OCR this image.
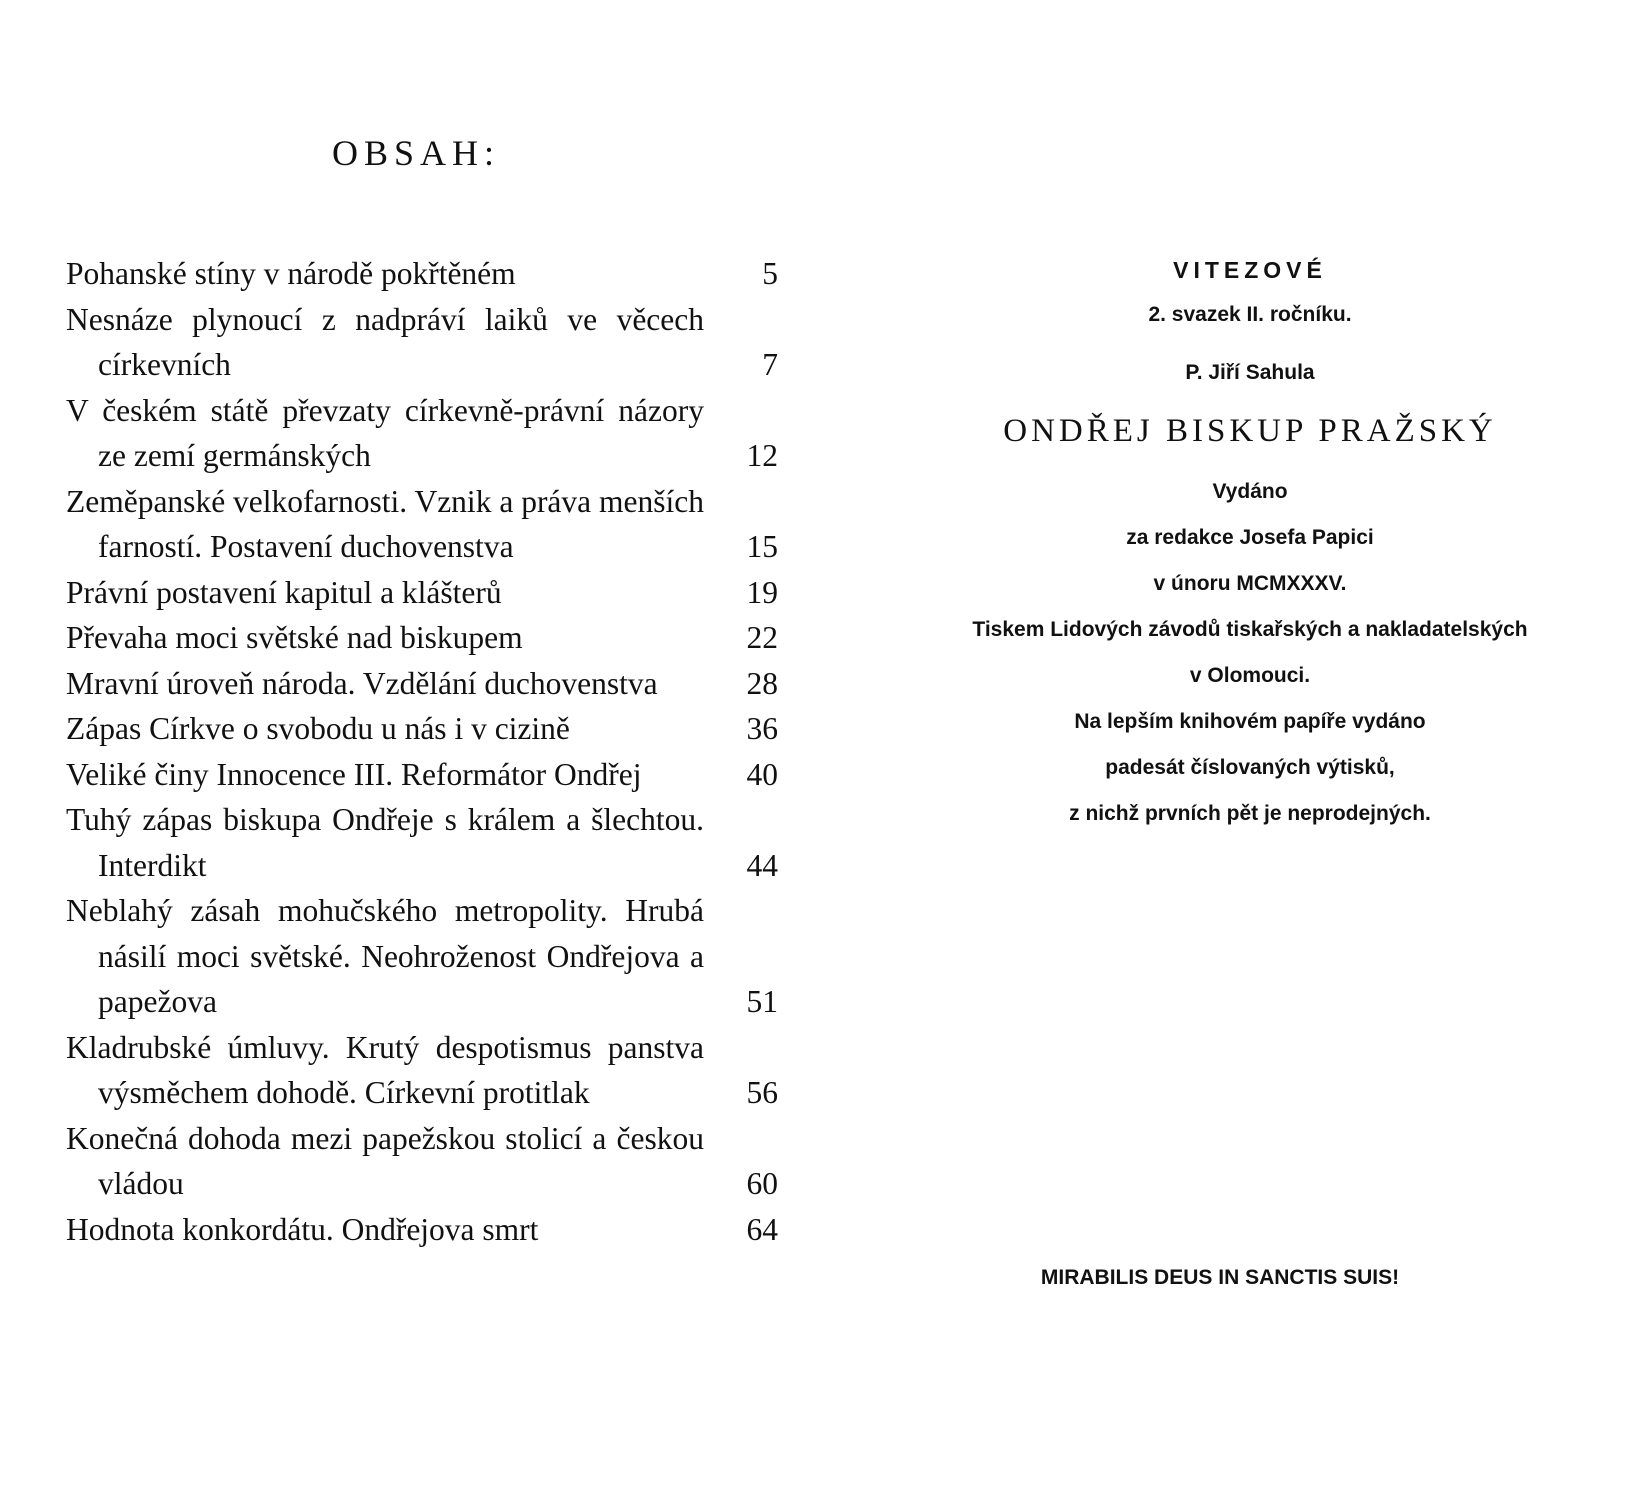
OBSAH:
Pohanské stíny v národě pokřtěném	5
Nesnáze plynoucí z nadpráví laiků ve věcech církevních	7
V českém státě převzaty církevně-právní názory ze zemí germánských	12
Zeměpanské velkofarnosti. Vznik a práva menších farností. Postavení duchovenstva	15
Právní postavení kapitul a klášterů	19
Převaha moci světské nad biskupem	22
Mravní úroveň národa. Vzdělání duchovenstva	28
Zápas Církve o svobodu u nás i v cizině	36
Veliké činy Innocence III. Reformátor Ondřej	40
Tuhý zápas biskupa Ondřeje s králem a šlechtou. Interdikt	44
Neblahý zásah mohučského metropolity. Hrubá násilí moci světské. Neohroženost Ondřejova a papežova	51
Kladrubské úmluvy. Krutý despotismus panstva výsměchem dohodě. Církevní protitlak	56
Konečná dohoda mezi papežskou stolicí a českou vládou	60
Hodnota konkordátu. Ondřejova smrt	64

VITEZOVÉ

2. svazek II. ročníku.

P. Jiří Sahula

ONDŘEJ BISKUP PRAŽSKÝ

Vydáno

za redakce Josefa Papici

v únoru MCMXXXV.

Tiskem Lidových závodů tiskařských a nakladatelských

v Olomouci.

Na lepším knihovém papíře vydáno

padesát číslovaných výtisků,

z nichž prvních pět je neprodejných.

MIRABILIS DEUS IN SANCTIS SUIS!
